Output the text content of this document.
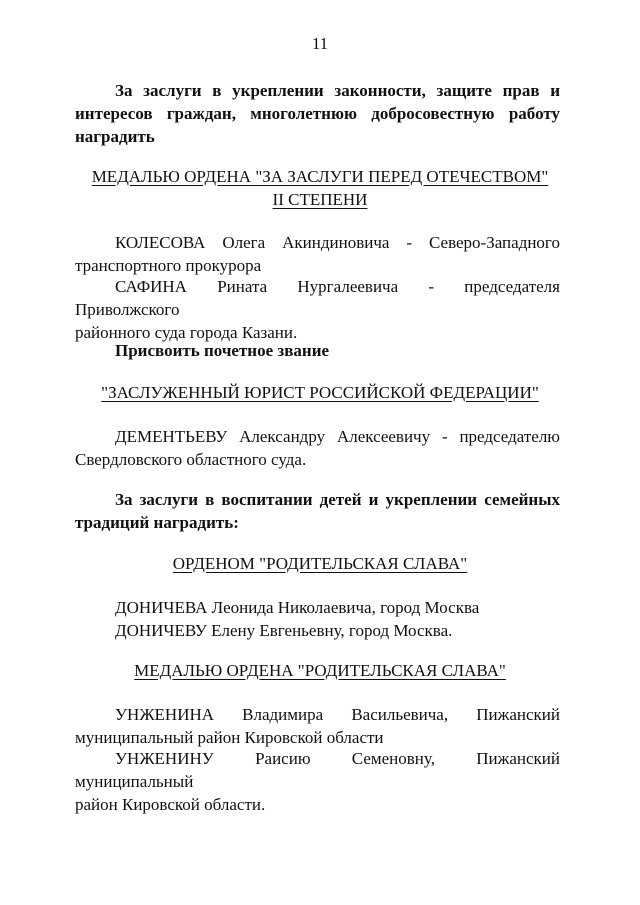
11

За заслуги в укреплении законности, защите прав и

интересов граждан, многолетнюю добросовестную работу

наградить

МЕДАЛЬЮ ОРДЕНА "ЗА ЗАСЛУГИ ПЕРЕД ОТЕЧЕСТВОМ"

II СТЕПЕНИ

КОЛЕСОВА Олега Акиндиновича - Северо-Западного

транспортного прокурора

САФИНА Рината Нургалеевича - председателя Приволжского

районного суда города Казани.

Присвоить почетное звание

"ЗАСЛУЖЕННЫЙ ЮРИСТ РОССИЙСКОЙ ФЕДЕРАЦИИ"

ДЕМЕНТЬЕВУ Александру Алексеевичу - председателю

Свердловского областного суда.

За заслуги в воспитании детей и укреплении семейных

традиций наградить:

ОРДЕНОМ "РОДИТЕЛЬСКАЯ СЛАВА"

ДОНИЧЕВА Леонида Николаевича, город Москва

ДОНИЧЕВУ Елену Евгеньевну, город Москва.

МЕДАЛЬЮ ОРДЕНА "РОДИТЕЛЬСКАЯ СЛАВА"

УНЖЕНИНА Владимира Васильевича, Пижанский

муниципальный район Кировской области

УНЖЕНИНУ Раисию Семеновну, Пижанский муниципальный

район Кировской области.
